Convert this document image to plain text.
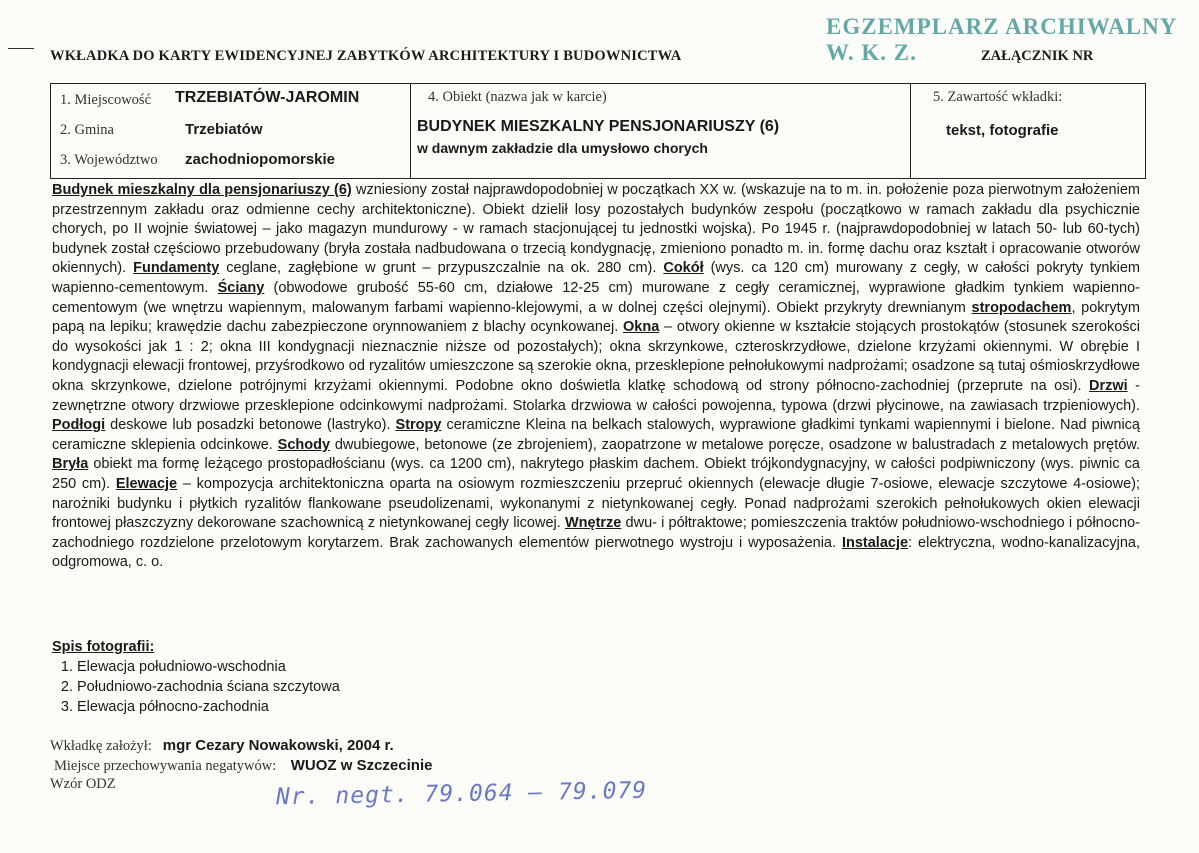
EGZEMPLARZ ARCHIWALNY W. K. Z.
WKŁADKA DO KARTY EWIDENCYJNEJ ZABYTKÓW ARCHITEKTURY I BUDOWNICTWA	ZAŁĄCZNIK NR
1. Miejscowość TRZEBIATÓW-JAROMIN
2. Gmina	Trzebiatów
3. Województwo zachodniopomorskie
4. Obiekt (nazwa jak w karcie)
BUDYNEK MIESZKALNY PENSJONARIUSZY (6)
w dawnym zakładzie dla umysłowo chorych
5. Zawartość wkładki:
tekst, fotografie
Budynek mieszkalny dla pensjonariuszy (6) wzniesiony został najprawdopodobniej w początkach XX w. (wskazuje na to m. in. położenie poza pierwotnym założeniem przestrzennym zakładu oraz odmienne cechy architektoniczne). Obiekt dzielił losy pozostałych budynków zespołu (początkowo w ramach zakładu dla psychicznie chorych, po II wojnie światowej – jako magazyn mundurowy - w ramach stacjonującej tu jednostki wojska). Po 1945 r. (najprawdopodobniej w latach 50- lub 60-tych) budynek został częściowo przebudowany (bryła została nadbudowana o trzecią kondygnację, zmieniono ponadto m. in. formę dachu oraz kształt i opracowanie otworów okiennych). Fundamenty ceglane, zagłębione w grunt – przypuszczalnie na ok. 280 cm). Cokół (wys. ca 120 cm) murowany z cegły, w całości pokryty tynkiem wapienno-cementowym. Ściany (obwodowe grubość 55-60 cm, działowe 12-25 cm) murowane z cegły ceramicznej, wyprawione gładkim tynkiem wapienno-cementowym (we wnętrzu wapiennym, malowanym farbami wapienno-klejowymi, a w dolnej części olejnymi). Obiekt przykryty drewnianym stropodachem, pokrytym papą na lepiku; krawędzie dachu zabezpieczone orynnowaniem z blachy ocynkowanej. Okna – otwory okienne w kształcie stojących prostokątów (stosunek szerokości do wysokości jak 1 : 2; okna III kondygnacji nieznacznie niższe od pozostałych); okna skrzynkowe, czteroskrzydłowe, dzielone krzyżami okiennymi. W obrębie I kondygnacji elewacji frontowej, przyśrodkowo od ryzalitów umieszczone są szerokie okna, przesklepione pełnołukowymi nadprożami; osadzone są tutaj ośmioskrzydłowe okna skrzynkowe, dzielone potrójnymi krzyżami okiennymi. Podobne okno doświetla klatkę schodową od strony północno-zachodniej (przeprute na osi). Drzwi - zewnętrzne otwory drzwiowe przesklepione odcinkowymi nadprożami. Stolarka drzwiowa w całości powojenna, typowa (drzwi płycinowe, na zawiasach trzpieniowych). Podłogi deskowe lub posadzki betonowe (lastryko). Stropy ceramiczne Kleina na belkach stalowych, wyprawione gładkimi tynkami wapiennymi i bielone. Nad piwnicą ceramiczne sklepienia odcinkowe. Schody dwubiegowe, betonowe (ze zbrojeniem), zaopatrzone w metalowe poręcze, osadzone w balustradach z metalowych prętów. Bryła obiekt ma formę leżącego prostopadłościanu (wys. ca 1200 cm), nakrytego płaskim dachem. Obiekt trójkondygnacyjny, w całości podpiwniczony (wys. piwnic ca 250 cm). Elewacje – kompozycja architektoniczna oparta na osiowym rozmieszczeniu przepruć okiennych (elewacje długie 7-osiowe, elewacje szczytowe 4-osiowe); narożniki budynku i płytkich ryzalitów flankowane pseudolizenami, wykonanymi z nietynkowanej cegły. Ponad nadprożami szerokich pełnołukowych okien elewacji frontowej płaszczyzny dekorowane szachownicą z nietynkowanej cegły licowej. Wnętrze dwu- i półtraktowe; pomieszczenia traktów południowo-wschodniego i północno-zachodniego rozdzielone przelotowym korytarzem. Brak zachowanych elementów pierwotnego wystroju i wyposażenia. Instalacje: elektryczna, wodno-kanalizacyjna, odgromowa, c. o.
Spis fotografii:
1. Elewacja południowo-wschodnia
2. Południowo-zachodnia ściana szczytowa
3. Elewacja północno-zachodnia
Wkładkę założył: mgr Cezary Nowakowski, 2004 r.
Miejsce przechowywania negatywów: WUOZ w Szczecinie
Wzór ODZ	Nr. negt. 79.064 – 79.079
